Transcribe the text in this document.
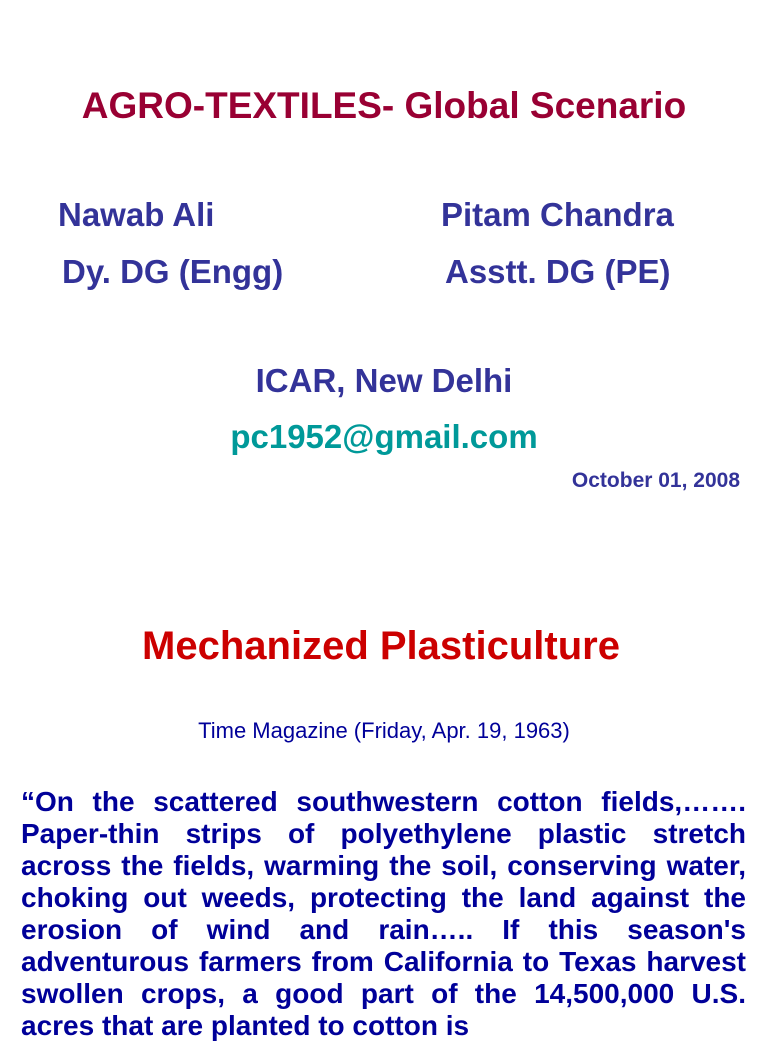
AGRO-TEXTILES- Global Scenario

Nawab Ali

Dy. DG (Engg)

Pitam Chandra

Asstt. DG (PE)

ICAR, New Delhi

pc1952@gmail.com

October 01, 2008

Mechanized Plasticulture

Time Magazine (Friday, Apr. 19, 1963)

“On the scattered southwestern cotton fields,……. Paper-thin strips of polyethylene plastic stretch across the fields, warming the soil, conserving water, choking out weeds, protecting the land against the erosion of wind and rain….. If this season's adventurous farmers from California to Texas harvest swollen crops, a good part of the 14,500,000 U.S. acres that are planted to cotton is
